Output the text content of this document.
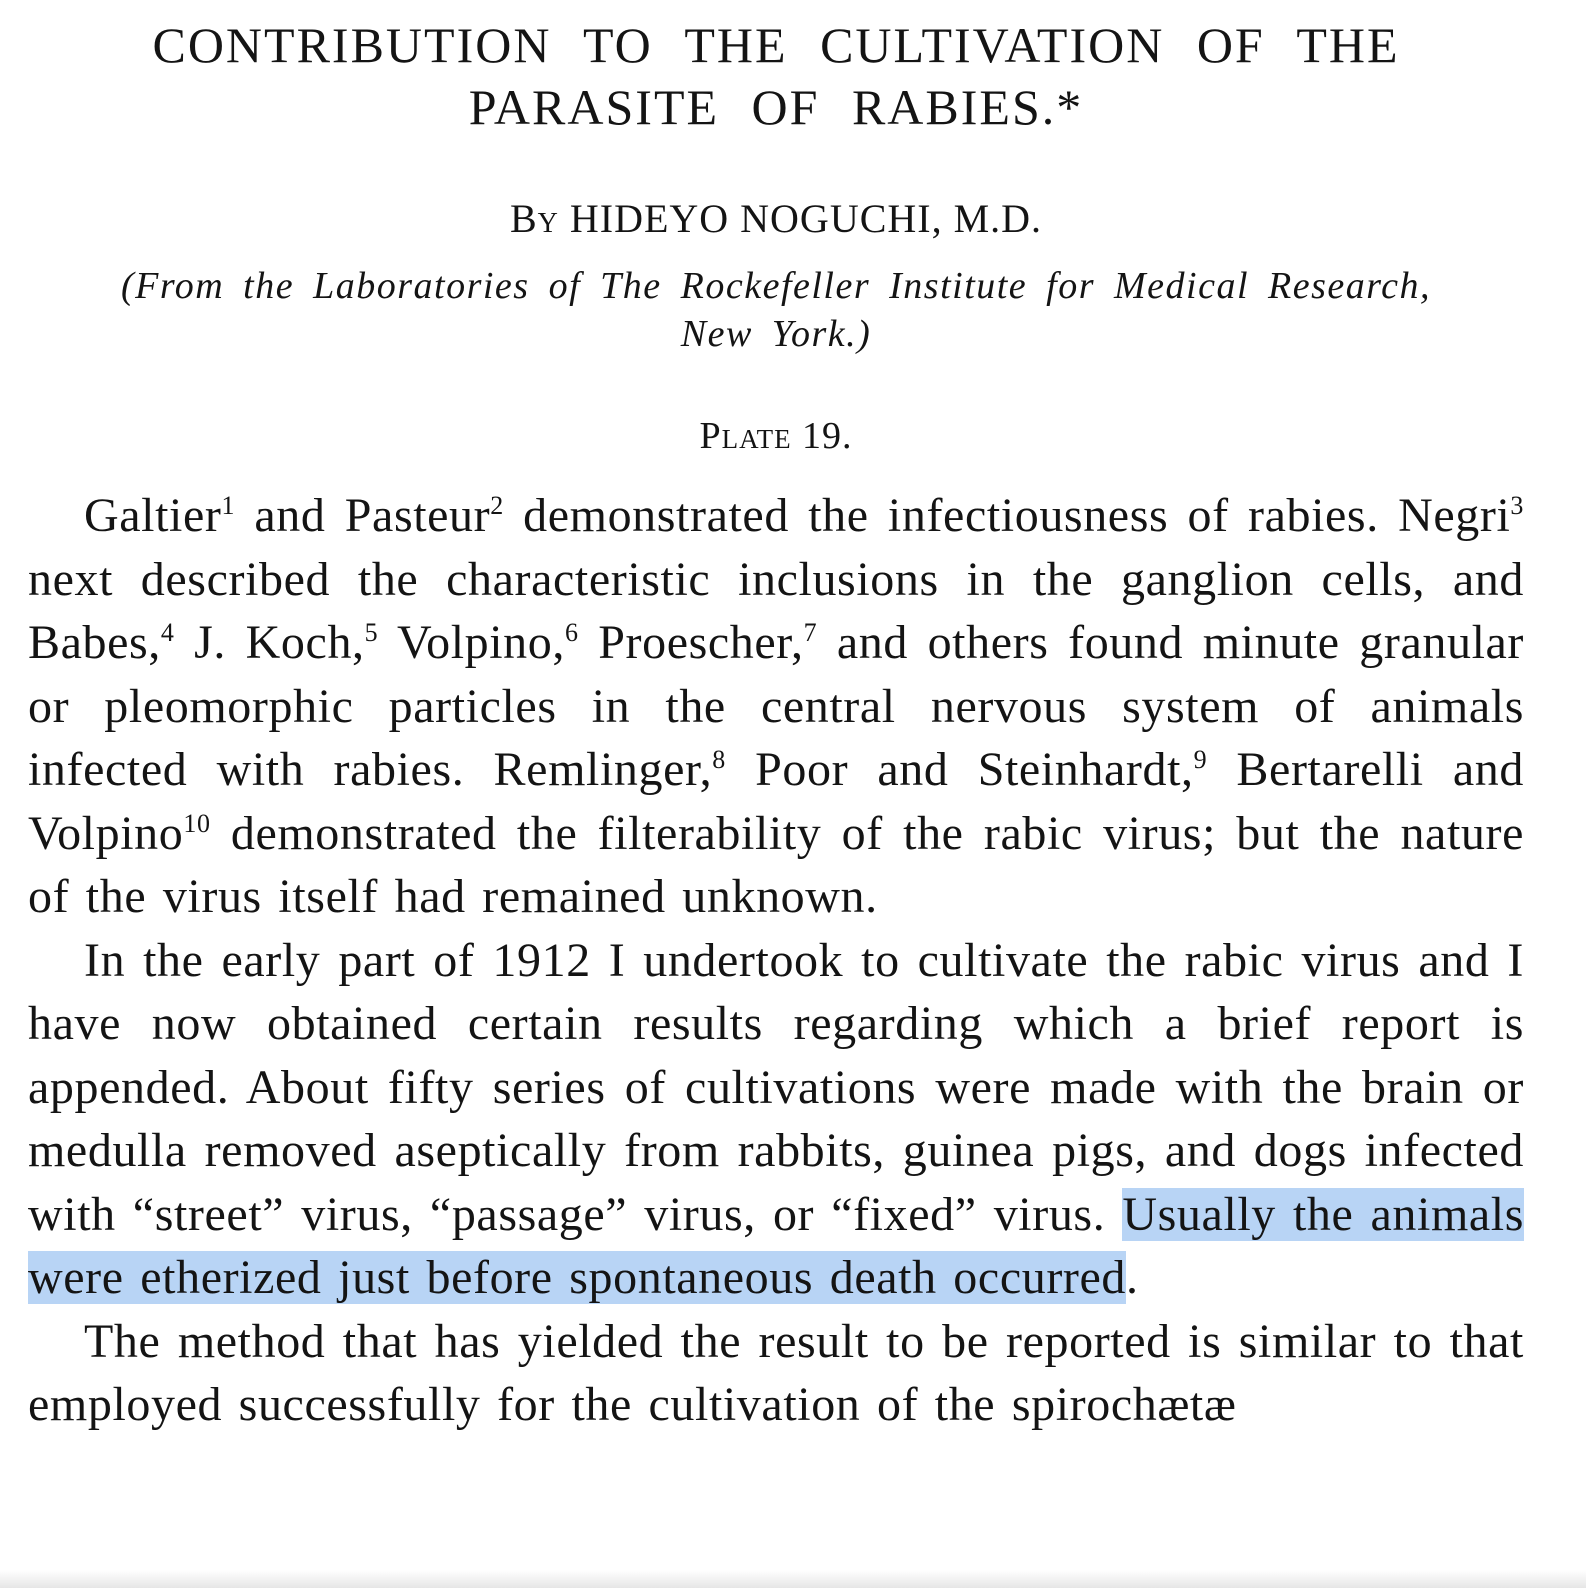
CONTRIBUTION TO THE CULTIVATION OF THE
PARASITE OF RABIES.*
By HIDEYO NOGUCHI, M.D.
(From the Laboratories of The Rockefeller Institute for Medical Research,
New York.)
Plate 19.

Galtier$^1$ and Pasteur$^2$ demonstrated the infectiousness of rabies. Negri$^3$ next described the characteristic inclusions in the ganglion cells, and Babes,$^4$ J. Koch,$^5$ Volpino,$^6$ Proescher,$^7$ and others found minute granular or pleomorphic particles in the central nervous system of animals infected with rabies. Remlinger,$^8$ Poor and Steinhardt,$^9$ Bertarelli and Volpino$^{10}$ demonstrated the filterability of the rabic virus; but the nature of the virus itself had remained unknown.

In the early part of 1912 I undertook to cultivate the rabic virus and I have now obtained certain results regarding which a brief report is appended. About fifty series of cultivations were made with the brain or medulla removed aseptically from rabbits, guinea pigs, and dogs infected with “street” virus, “passage” virus, or “fixed” virus. Usually the animals were etherized just before spontaneous death occurred.

The method that has yielded the result to be reported is similar to that employed successfully for the cultivation of the spirochætæ
